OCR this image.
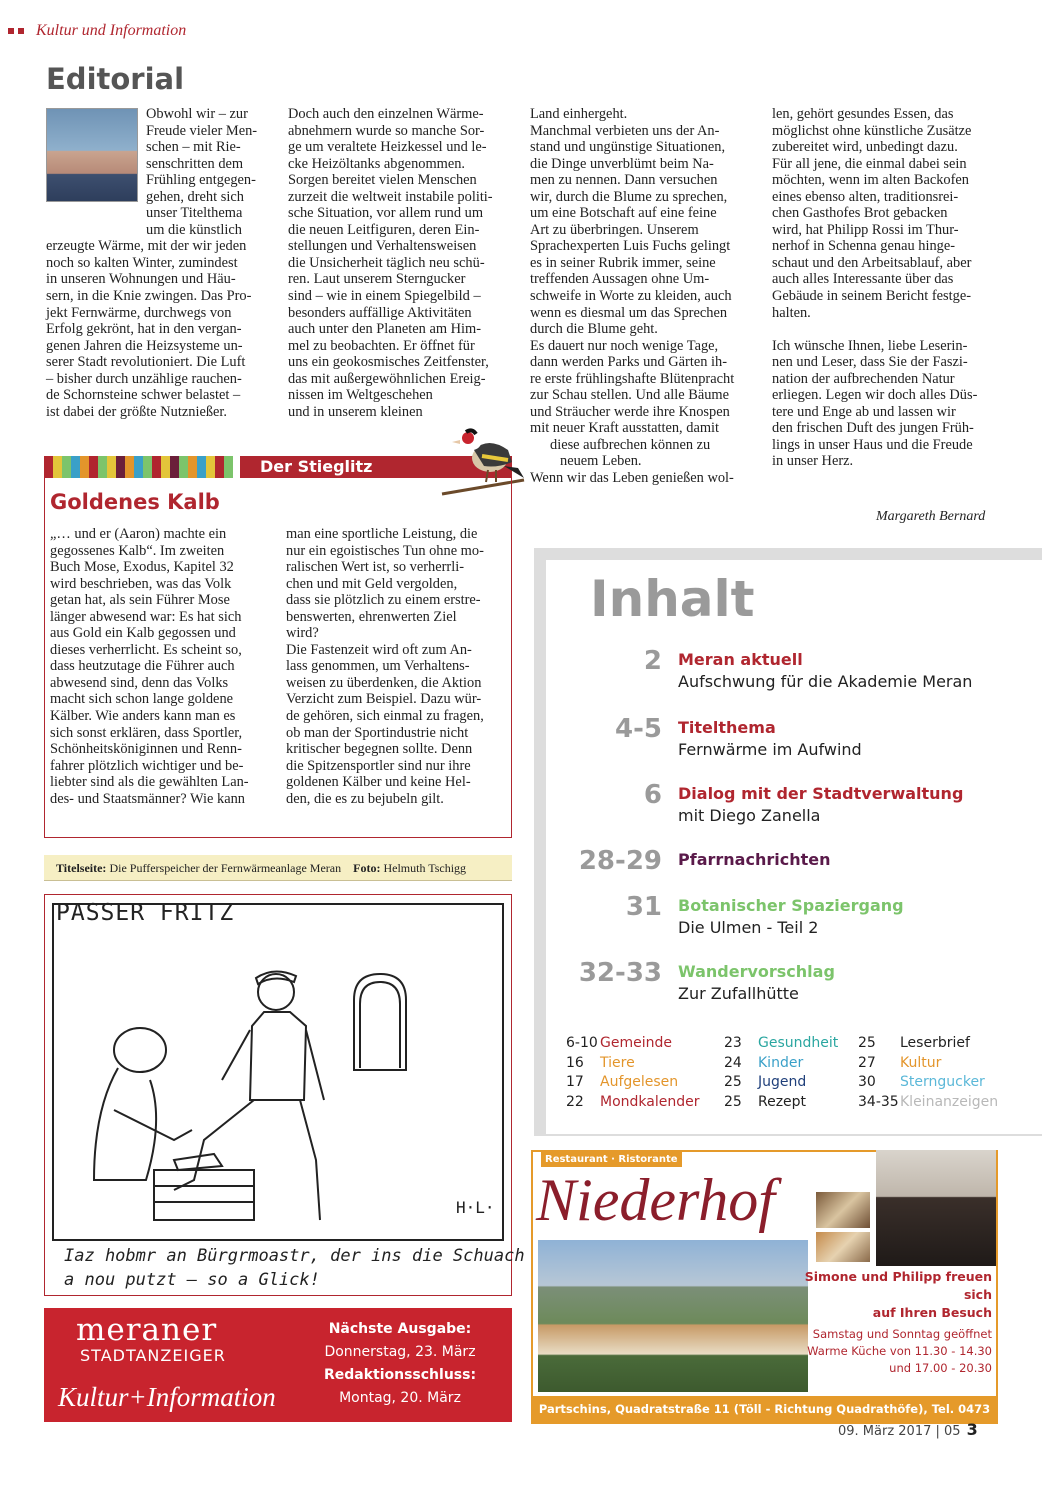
Kultur und Information
Editorial

Obwohl wir – zur

Freude vieler Men-

schen – mit Rie-

senschritten dem

Frühling entgegen-

gehen, dreht sich

unser Titelthema

um die künstlich

erzeugte Wärme, mit der wir jeden

noch so kalten Winter, zumindest

in unseren Wohnungen und Häu-

sern, in die Knie zwingen. Das Pro-

jekt Fernwärme, durchwegs von

Erfolg gekrönt, hat in den vergan-

genen Jahren die Heizsysteme un-

serer Stadt revolutioniert. Die Luft

– bisher durch unzählige rauchen-

de Schornsteine schwer belastet –

ist dabei der größte Nutznießer.

Doch auch den einzelnen Wärme-

abnehmern wurde so manche Sor-

ge um veraltete Heizkessel und le-

cke Heizöltanks abgenommen.

Sorgen bereitet vielen Menschen

zurzeit die weltweit instabile politi-

sche Situation, vor allem rund um

die neuen Leitfiguren, deren Ein-

stellungen und Verhaltensweisen

die Unsicherheit täglich neu schü-

ren. Laut unserem Sterngucker

sind – wie in einem Spiegelbild –

besonders auffällige Aktivitäten

auch unter den Planeten am Him-

mel zu beobachten. Er öffnet für

uns ein geokosmisches Zeitfenster,

das mit außergewöhnlichen Ereig-

nissen im Weltgeschehen

und in unserem kleinen

Land einhergeht.

Manchmal verbieten uns der An-

stand und ungünstige Situationen,

die Dinge unverblümt beim Na-

men zu nennen. Dann versuchen

wir, durch die Blume zu sprechen,

um eine Botschaft auf eine feine

Art zu überbringen. Unserem

Sprachexperten Luis Fuchs gelingt

es in seiner Rubrik immer, seine

treffenden Aussagen ohne Um-

schweife in Worte zu kleiden, auch

wenn es diesmal um das Sprechen

durch die Blume geht.

Es dauert nur noch wenige Tage,

dann werden Parks und Gärten ih-

re erste frühlingshafte Blütenpracht

zur Schau stellen. Und alle Bäume

und Sträucher werde ihre Knospen

mit neuer Kraft ausstatten, damit

diese aufbrechen können zu

neuem Leben.

Wenn wir das Leben genießen wol-

len, gehört gesundes Essen, das

möglichst ohne künstliche Zusätze

zubereitet wird, unbedingt dazu.

Für all jene, die einmal dabei sein

möchten, wenn im alten Backofen

eines ebenso alten, traditionsrei-

chen Gasthofes Brot gebacken

wird, hat Philipp Rossi im Thur-

nerhof in Schenna genau hinge-

schaut und den Arbeitsablauf, aber

auch alles Interessante über das

Gebäude in seinem Bericht festge-

halten.

Ich wünsche Ihnen, liebe Leserin-

nen und Leser, dass Sie der Faszi-

nation der aufbrechenden Natur

erliegen. Legen wir doch alles Düs-

tere und Enge ab und lassen wir

den frischen Duft des jungen Früh-

lings in unser Haus und die Freude

in unser Herz.

Margareth Bernard
Der Stieglitz
Goldenes Kalb

„… und er (Aaron) machte ein

gegossenes Kalb“. Im zweiten

Buch Mose, Exodus, Kapitel 32

wird beschrieben, was das Volk

getan hat, als sein Führer Mose

länger abwesend war: Es hat sich

aus Gold ein Kalb gegossen und

dieses verherrlicht. Es scheint so,

dass heutzutage die Führer auch

abwesend sind, denn das Volks

macht sich schon lange goldene

Kälber. Wie anders kann man es

sich sonst erklären, dass Sportler,

Schönheitsköniginnen und Renn-

fahrer plötzlich wichtiger und be-

liebter sind als die gewählten Lan-

des- und Staatsmänner? Wie kann

man eine sportliche Leistung, die

nur ein egoistisches Tun ohne mo-

ralischen Wert ist, so verherrli-

chen und mit Geld vergolden,

dass sie plötzlich zu einem erstre-

benswerten, ehrenwerten Ziel

wird?

Die Fastenzeit wird oft zum An-

lass genommen, um Verhaltens-

weisen zu überdenken, die Aktion

Verzicht zum Beispiel. Dazu wür-

de gehören, sich einmal zu fragen,

ob man der Sportindustrie nicht

kritischer begegnen sollte. Denn

die Spitzensportler sind nur ihre

goldenen Kälber und keine Hel-

den, die es zu bejubeln gilt.

Titelseite: Die Pufferspeicher der Fernwärmeanlage Meran Foto: Helmuth Tschigg
PASSER FRITZ
H·L·
Iaz hobmr an Bürgrmoastr, der ins die Schuach
a nou putzt – so a Glick!
meraner
STADTANZEIGER
Kultur+Information
Nächste Ausgabe:
Donnerstag, 23. März
Redaktionsschluss:
Montag, 20. März
Inhalt
2 Meran aktuell
Aufschwung für die Akademie Meran
4-5 Titelthema
Fernwärme im Aufwind
6 Dialog mit der Stadtverwaltung
mit Diego Zanella
28-29 Pfarrnachrichten
31 Botanischer Spaziergang
Die Ulmen - Teil 2
32-33 Wandervorschlag
Zur Zufallhütte
6-10 Gemeinde
16 Tiere
17 Aufgelesen
22 Mondkalender
23 Gesundheit
24 Kinder
25 Jugend
25 Rezept
25 Leserbrief
27 Kultur
30 Sterngucker
34-35Kleinanzeigen
Restaurant · Ristorante
Niederhof
Simone und Philipp freuen sich
auf Ihren Besuch
Samstag und Sonntag geöffnet
Warme Küche von 11.30 - 14.30
und 17.00 - 20.30
Partschins, Quadratstraße 11 (Töll - Richtung Quadrathöfe), Tel. 0473 967 017	09. März 2017 | 05 3
